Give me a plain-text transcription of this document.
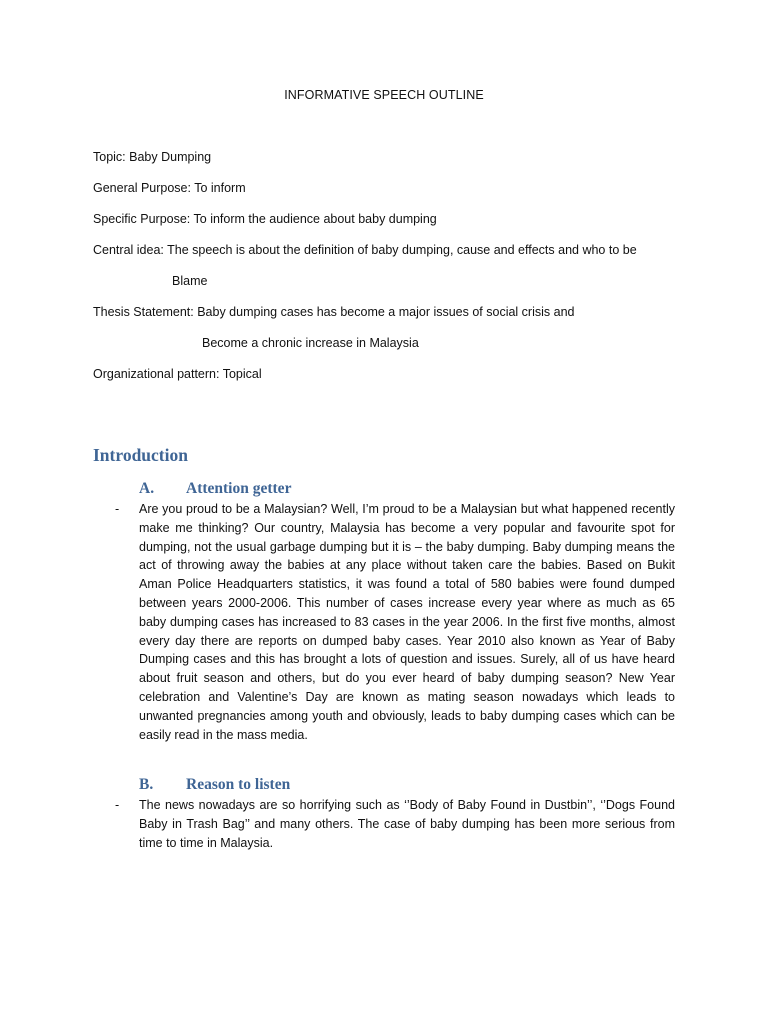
INFORMATIVE SPEECH OUTLINE
Topic: Baby Dumping
General Purpose: To inform
Specific Purpose: To inform the audience about baby dumping
Central idea: The speech is about the definition of baby dumping, cause and effects and who to be
Blame
Thesis Statement: Baby dumping cases has become a major issues of social crisis and
Become a chronic increase in Malaysia
Organizational pattern: Topical
Introduction
A. Attention getter
- Are you proud to be a Malaysian? Well, I’m proud to be a Malaysian but what happened recently make me thinking? Our country, Malaysia has become a very popular and favourite spot for dumping, not the usual garbage dumping but it is – the baby dumping. Baby dumping means the act of throwing away the babies at any place without taken care the babies. Based on Bukit Aman Police Headquarters statistics, it was found a total of 580 babies were found dumped between years 2000-2006. This number of cases increase every year where as much as 65 baby dumping cases has increased to 83 cases in the year 2006. In the first five months, almost every day there are reports on dumped baby cases. Year 2010 also known as Year of Baby Dumping cases and this has brought a lots of question and issues. Surely, all of us have heard about fruit season and others, but do you ever heard of baby dumping season? New Year celebration and Valentine’s Day are known as mating season nowadays which leads to unwanted pregnancies among youth and obviously, leads to baby dumping cases which can be easily read in the mass media.
B. Reason to listen
- The news nowadays are so horrifying such as ‘’Body of Baby Found in Dustbin’’, ‘’Dogs Found Baby in Trash Bag’’ and many others. The case of baby dumping has been more serious from time to time in Malaysia.
